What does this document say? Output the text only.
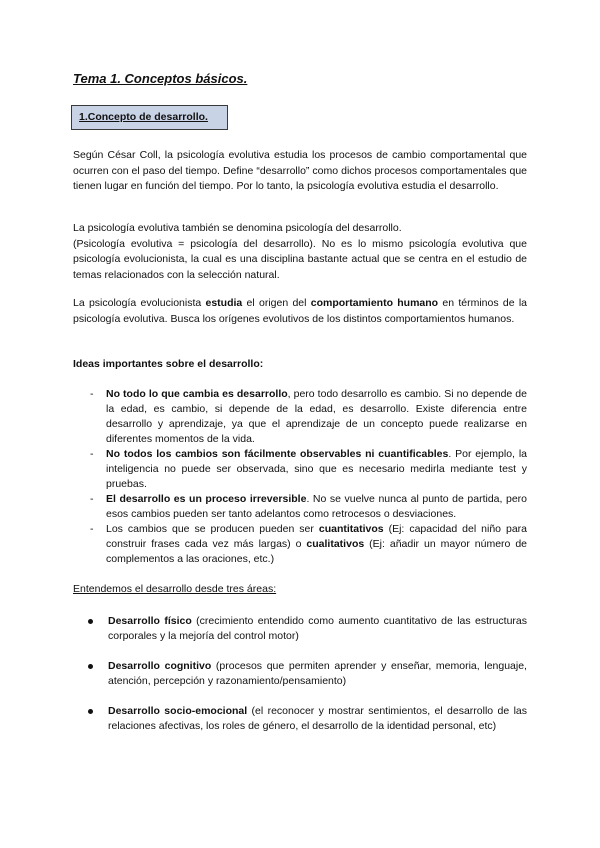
Tema 1. Conceptos básicos.
1.Concepto de desarrollo.

Según César Coll, la psicología evolutiva estudia los procesos de cambio comportamental que ocurren con el paso del tiempo. Define “desarrollo” como dichos procesos comportamentales que tienen lugar en función del tiempo. Por lo tanto, la psicología evolutiva estudia el desarrollo.

La psicología evolutiva también se denomina psicología del desarrollo.
(Psicología evolutiva = psicología del desarrollo). No es lo mismo psicología evolutiva que psicología evolucionista, la cual es una disciplina bastante actual que se centra en el estudio de temas relacionados con la selección natural.

La psicología evolucionista estudia el origen del comportamiento humano en términos de la psicología evolutiva. Busca los orígenes evolutivos de los distintos comportamientos humanos.

Ideas importantes sobre el desarrollo:

- No todo lo que cambia es desarrollo, pero todo desarrollo es cambio. Si no depende de la edad, es cambio, si depende de la edad, es desarrollo. Existe diferencia entre desarrollo y aprendizaje, ya que el aprendizaje de un concepto puede realizarse en diferentes momentos de la vida.
- No todos los cambios son fácilmente observables ni cuantificables. Por ejemplo, la inteligencia no puede ser observada, sino que es necesario medirla mediante test y pruebas.
- El desarrollo es un proceso irreversible. No se vuelve nunca al punto de partida, pero esos cambios pueden ser tanto adelantos como retrocesos o desviaciones.
- Los cambios que se producen pueden ser cuantitativos (Ej: capacidad del niño para construir frases cada vez más largas) o cualitativos (Ej: añadir un mayor número de complementos a las oraciones, etc.)

Entendemos el desarrollo desde tres áreas:

Desarrollo físico (crecimiento entendido como aumento cuantitativo de las estructuras corporales y la mejoría del control motor)
Desarrollo cognitivo (procesos que permiten aprender y enseñar, memoria, lenguaje, atención, percepción y razonamiento/pensamiento)
Desarrollo socio-emocional (el reconocer y mostrar sentimientos, el desarrollo de las relaciones afectivas, los roles de género, el desarrollo de la identidad personal, etc)
